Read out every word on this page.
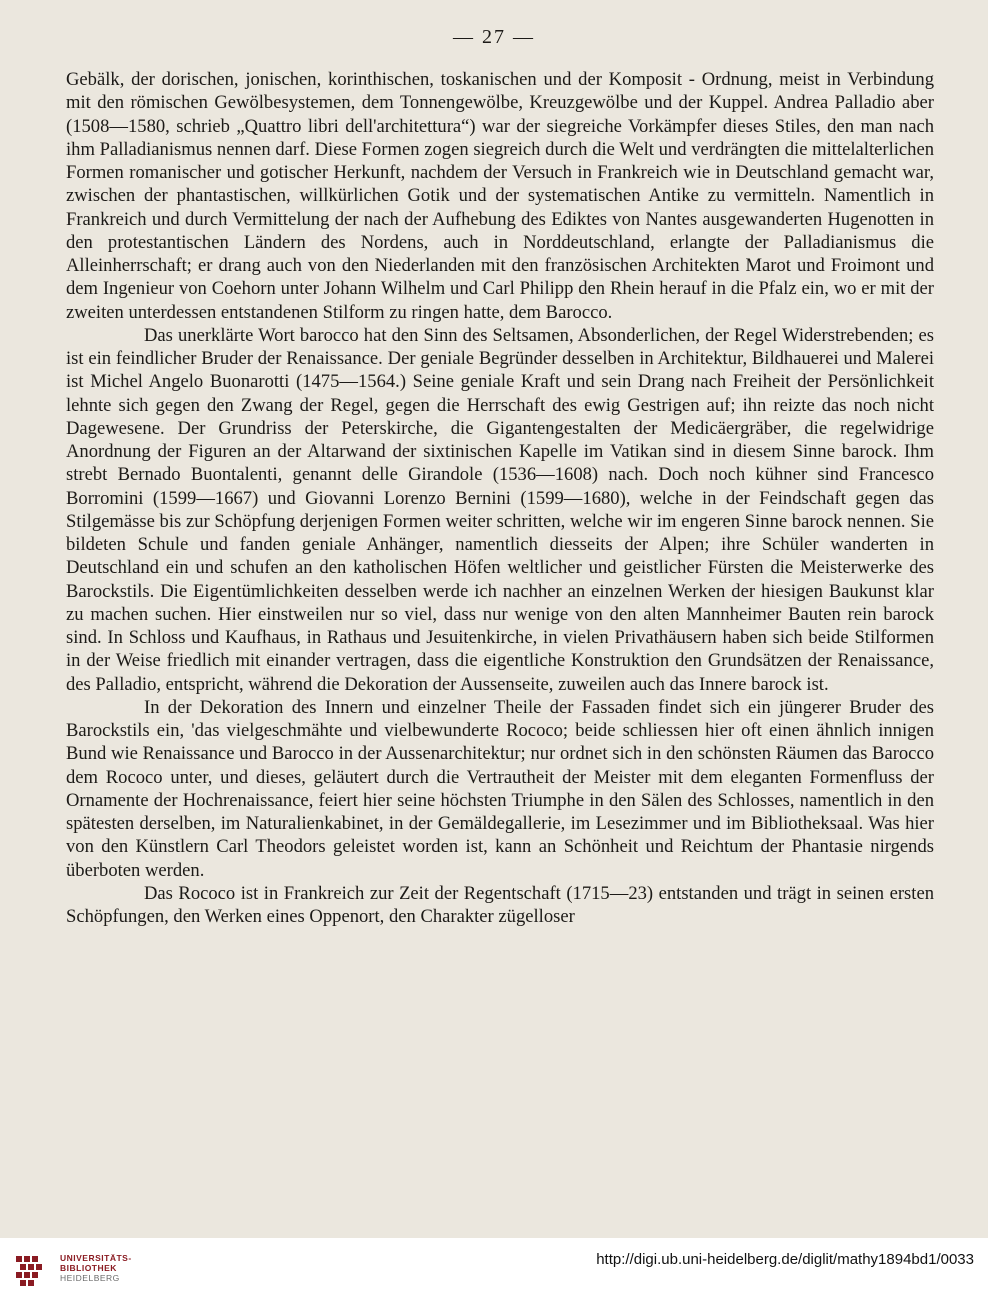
— 27 —

Gebälk, der dorischen, jonischen, korinthischen, toskanischen und der Komposit - Ordnung, meist in Verbindung mit den römischen Gewölbesystemen, dem Tonnengewölbe, Kreuzgewölbe und der Kuppel. Andrea Palladio aber (1508—1580, schrieb „Quattro libri dell'architettura“) war der siegreiche Vorkämpfer dieses Stiles, den man nach ihm Palladianismus nennen darf. Diese Formen zogen siegreich durch die Welt und verdrängten die mittelalterlichen Formen romanischer und gotischer Herkunft, nachdem der Versuch in Frankreich wie in Deutschland gemacht war, zwischen der phantastischen, willkürlichen Gotik und der systematischen Antike zu vermitteln. Namentlich in Frankreich und durch Vermittelung der nach der Aufhebung des Ediktes von Nantes ausgewanderten Hugenotten in den protestantischen Ländern des Nordens, auch in Norddeutschland, erlangte der Palladianismus die Alleinherrschaft; er drang auch von den Niederlanden mit den französischen Architekten Marot und Froimont und dem Ingenieur von Coehorn unter Johann Wilhelm und Carl Philipp den Rhein herauf in die Pfalz ein, wo er mit der zweiten unterdessen entstandenen Stilform zu ringen hatte, dem Barocco.

Das unerklärte Wort barocco hat den Sinn des Seltsamen, Absonderlichen, der Regel Widerstrebenden; es ist ein feindlicher Bruder der Renaissance. Der geniale Begründer desselben in Architektur, Bildhauerei und Malerei ist Michel Angelo Buonarotti (1475—1564.) Seine geniale Kraft und sein Drang nach Freiheit der Persönlichkeit lehnte sich gegen den Zwang der Regel, gegen die Herrschaft des ewig Gestrigen auf; ihn reizte das noch nicht Dagewesene. Der Grundriss der Peterskirche, die Gigantengestalten der Medicäergräber, die regelwidrige Anordnung der Figuren an der Altarwand der sixtinischen Kapelle im Vatikan sind in diesem Sinne barock. Ihm strebt Bernado Buontalenti, genannt delle Girandole (1536—1608) nach. Doch noch kühner sind Francesco Borromini (1599—1667) und Giovanni Lorenzo Bernini (1599—1680), welche in der Feindschaft gegen das Stilgemässe bis zur Schöpfung derjenigen Formen weiter schritten, welche wir im engeren Sinne barock nennen. Sie bildeten Schule und fanden geniale Anhänger, namentlich diesseits der Alpen; ihre Schüler wanderten in Deutschland ein und schufen an den katholischen Höfen weltlicher und geistlicher Fürsten die Meisterwerke des Barockstils. Die Eigentümlichkeiten desselben werde ich nachher an einzelnen Werken der hiesigen Baukunst klar zu machen suchen. Hier einstweilen nur so viel, dass nur wenige von den alten Mannheimer Bauten rein barock sind. In Schloss und Kaufhaus, in Rathaus und Jesuitenkirche, in vielen Privathäusern haben sich beide Stilformen in der Weise friedlich mit einander vertragen, dass die eigentliche Konstruktion den Grundsätzen der Renaissance, des Palladio, entspricht, während die Dekoration der Aussenseite, zuweilen auch das Innere barock ist.

In der Dekoration des Innern und einzelner Theile der Fassaden findet sich ein jüngerer Bruder des Barockstils ein, 'das vielgeschmähte und vielbewunderte Rococo; beide schliessen hier oft einen ähnlich innigen Bund wie Renaissance und Barocco in der Aussenarchitektur; nur ordnet sich in den schönsten Räumen das Barocco dem Rococo unter, und dieses, geläutert durch die Vertrautheit der Meister mit dem eleganten Formenfluss der Ornamente der Hochrenaissance, feiert hier seine höchsten Triumphe in den Sälen des Schlosses, namentlich in den spätesten derselben, im Naturalienkabinet, in der Gemäldegallerie, im Lesezimmer und im Bibliotheksaal. Was hier von den Künstlern Carl Theodors geleistet worden ist, kann an Schönheit und Reichtum der Phantasie nirgends überboten werden.

Das Rococo ist in Frankreich zur Zeit der Regentschaft (1715—23) entstanden und trägt in seinen ersten Schöpfungen, den Werken eines Oppenort, den Charakter zügelloser

UNIVERSITÄTS-
BIBLIOTHEK
HEIDELBERG
http://digi.ub.uni-heidelberg.de/diglit/mathy1894bd1/0033
